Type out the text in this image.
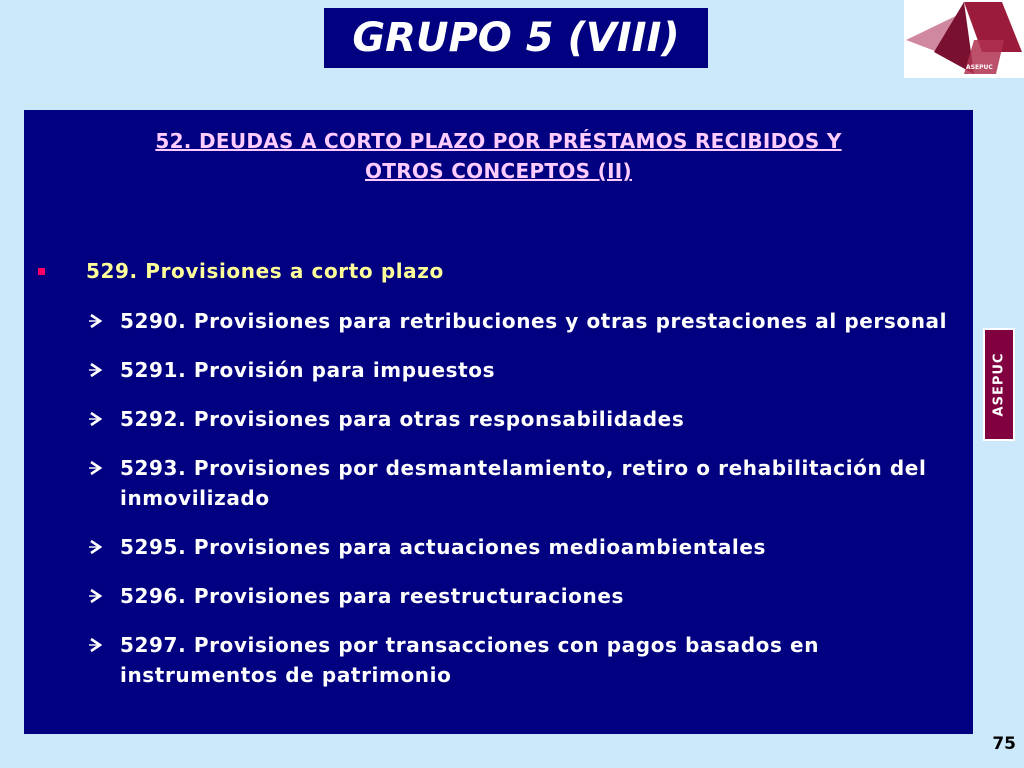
GRUPO 5 (VIII)
ASEPUC
52. DEUDAS A CORTO PLAZO POR PRÉSTAMOS RECIBIDOS Y
OTROS CONCEPTOS (II)
529. Provisiones a corto plazo
5290. Provisiones para retribuciones y otras prestaciones al personal
5291. Provisión para impuestos
5292. Provisiones para otras responsabilidades
5293. Provisiones por desmantelamiento, retiro o rehabilitación del inmovilizado
5295. Provisiones para actuaciones medioambientales
5296. Provisiones para reestructuraciones
5297. Provisiones por transacciones con pagos basados en instrumentos de patrimonio
ASEPUC
75
